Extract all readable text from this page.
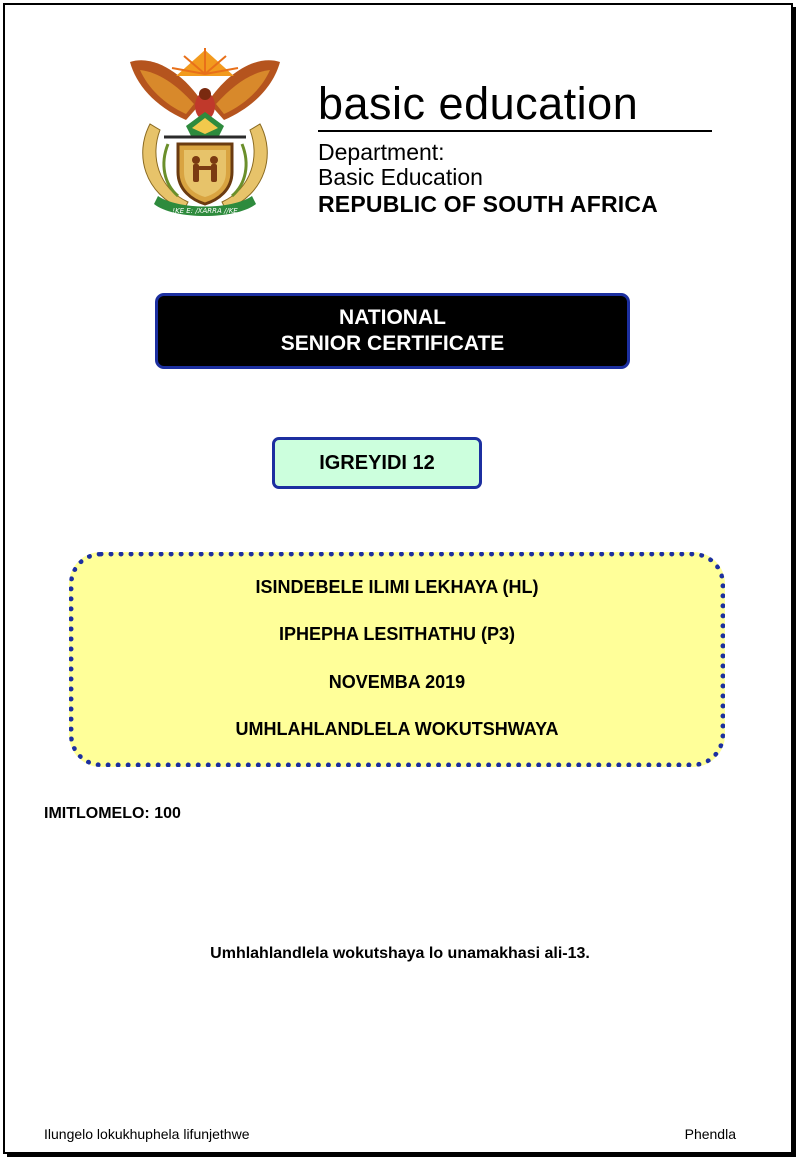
!KE E: /XARRA //KE
basic education
Department:
Basic Education
REPUBLIC OF SOUTH AFRICA
NATIONAL
SENIOR CERTIFICATE
IGREYIDI 12
ISINDEBELE ILIMI LEKHAYA (HL)
IPHEPHA LESITHATHU (P3)
NOVEMBA 2019
UMHLAHLANDLELA WOKUTSHWAYA
IMITLOMELO: 100
Umhlahlandlela wokutshaya lo unamakhasi ali-13.
Ilungelo lokukhuphela lifunjethwe	Phendla
